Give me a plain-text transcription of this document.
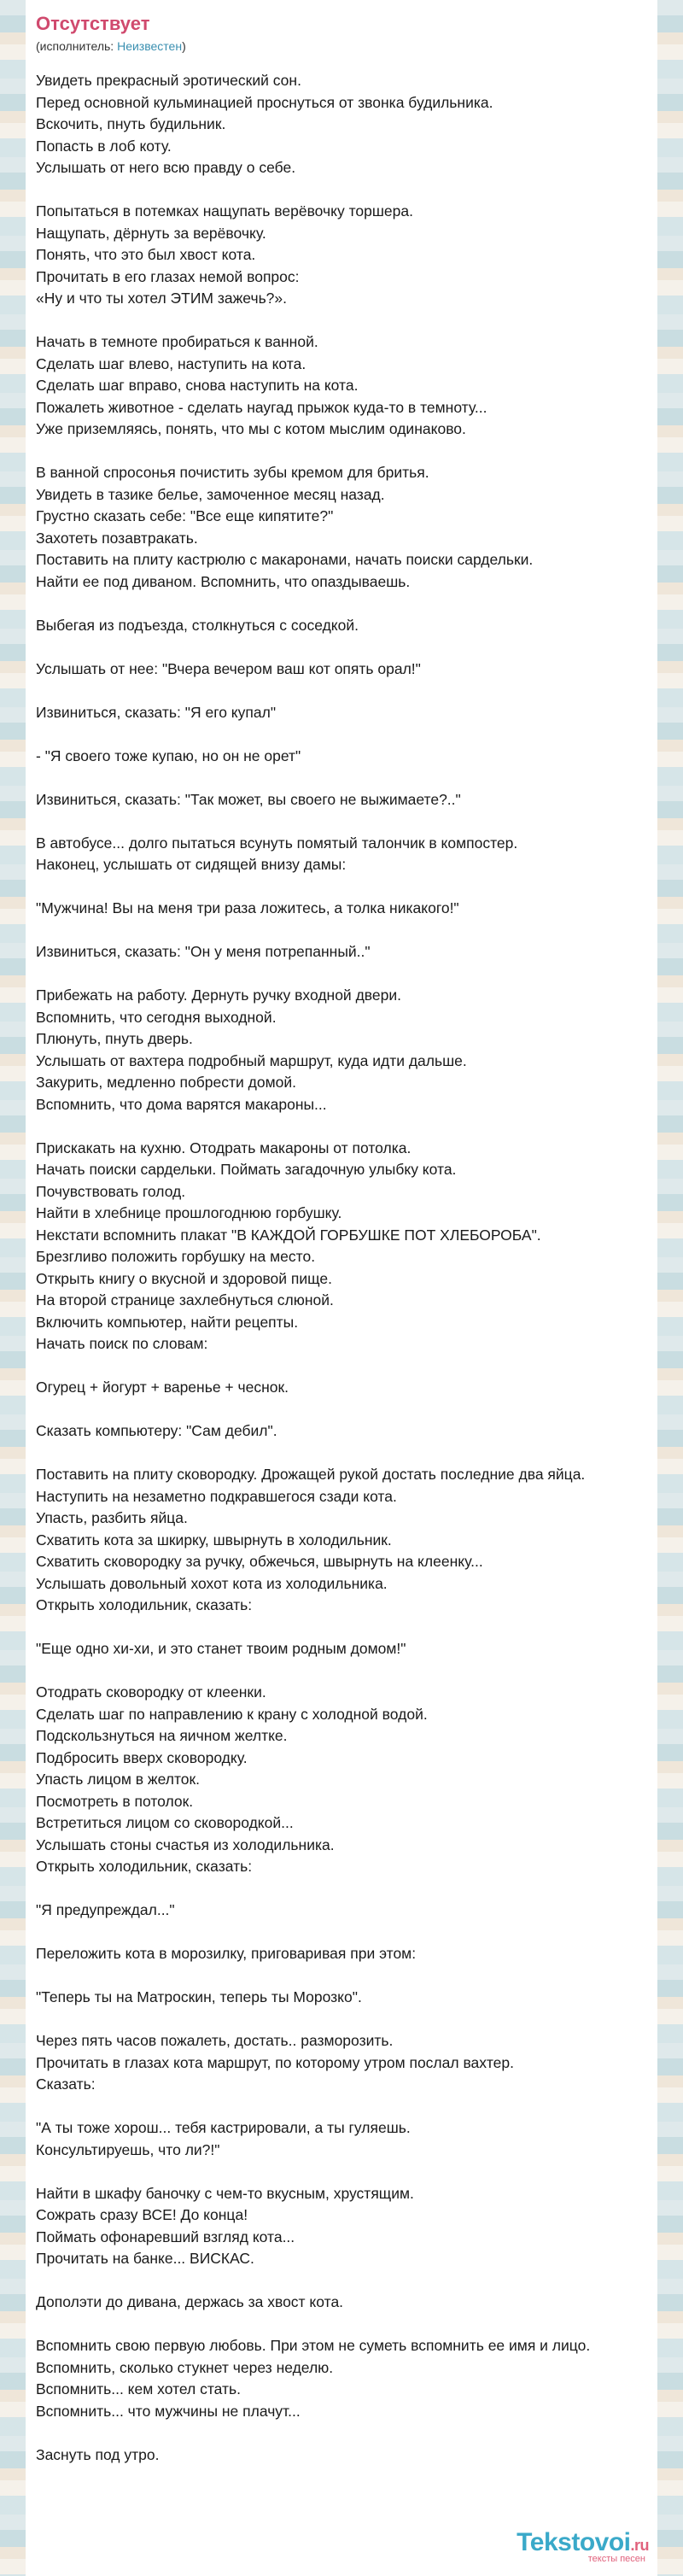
Отсутствует
(исполнитель: Неизвестен)
Увидеть прекрасный эротический сон.
Перед основной кульминацией проснуться от звонка будильника.
Вскочить, пнуть будильник.
Попасть в лоб коту.
Услышать от него всю правду о себе.

Попытаться в потемках нащупать верёвочку торшера.
Нащупать, дёрнуть за верёвочку.
Понять, что это был хвост кота.
Прочитать в его глазах немой вопрос:
«Ну и что ты хотел ЭТИМ зажечь?».

Начать в темноте пробираться к ванной.
Сделать шаг влево, наступить на кота.
Сделать шаг вправо, снова наступить на кота.
Пожалеть животное - сделать наугад прыжок куда-то в темноту...
Уже приземляясь, понять, что мы с котом мыслим одинаково.

В ванной спросонья почистить зубы кремом для бритья.
Увидеть в тазике белье, замоченное месяц назад.
Грустно сказать себе: "Все еще кипятите?"
Захотеть позавтракать.
Поставить на плиту кастрюлю с макаронами, начать поиски сардельки.
Найти ее под диваном. Вспомнить, что опаздываешь.

Выбегая из подъезда, столкнуться с соседкой.

Услышать от нее: "Вчера вечером ваш кот опять орал!"

Извиниться, сказать: "Я его купал"

- "Я своего тоже купаю, но он не орет"

Извиниться, сказать: "Так может, вы своего не выжимаете?.."

В автобусе... долго пытаться всунуть помятый талончик в компостер.
Наконец, услышать от сидящей внизу дамы:

"Мужчина! Вы на меня три раза ложитесь, а толка никакого!"

Извиниться, сказать: "Он у меня потрепанный.."

Прибежать на работу. Дернуть ручку входной двери.
Вспомнить, что сегодня выходной.
Плюнуть, пнуть дверь.
Услышать от вахтера подробный маршрут, куда идти дальше.
Закурить, медленно побрести домой.
Вспомнить, что дома варятся макароны...

Прискакать на кухню. Отодрать макароны от потолка.
Начать поиски сардельки. Поймать загадочную улыбку кота.
Почувствовать голод.
Найти в хлебнице прошлогоднюю горбушку.
Некстати вспомнить плакат "В КАЖДОЙ ГОРБУШКЕ ПОТ ХЛЕБОРОБА".
Брезгливо положить горбушку на место.
Открыть книгу о вкусной и здоровой пище.
На второй странице захлебнуться слюной.
Включить компьютер, найти рецепты.
Начать поиск по словам:

Огурец + йогурт + варенье + чеснок.

Сказать компьютеру: "Сам дебил".

Поставить на плиту сковородку. Дрожащей рукой достать последние два яйца.
Наступить на незаметно подкравшегося сзади кота.
Упасть, разбить яйца.
Схватить кота за шкирку, швырнуть в холодильник.
Схватить сковородку за ручку, обжечься, швырнуть на клеенку...
Услышать довольный хохот кота из холодильника.
Открыть холодильник, сказать:

"Еще одно хи-хи, и это станет твоим родным домом!"

Отодрать сковородку от клеенки.
Сделать шаг по направлению к крану с холодной водой.
Подскользнуться на яичном желтке.
Подбросить вверх сковородку.
Упасть лицом в желток.
Посмотреть в потолок.
Встретиться лицом со сковородкой...
Услышать стоны счастья из холодильника.
Открыть холодильник, сказать:

"Я предупреждал..."

Переложить кота в морозилку, приговаривая при этом:

"Теперь ты на Матроскин, теперь ты Морозко".

Через пять часов пожалеть, достать.. разморозить.
Прочитать в глазах кота маршрут, по которому утром послал вахтер.
Сказать:

"А ты тоже хорош... тебя кастрировали, а ты гуляешь.
Консультируешь, что ли?!"

Найти в шкафу баночку с чем-то вкусным, хрустящим.
Сожрать сразу ВСЕ! До конца!
Поймать офонаревший взгляд кота...
Прочитать на банке... ВИСКАС.

Дополэти до дивана, держась за хвост кота.

Вспомнить свою первую любовь. При этом не суметь вспомнить ее имя и лицо.
Вспомнить, сколько стукнет через неделю.
Вспомнить... кем хотел стать.
Вспомнить... что мужчины не плачут...

Заснуть под утро.
Tekstovoi.ru
тексты песен
